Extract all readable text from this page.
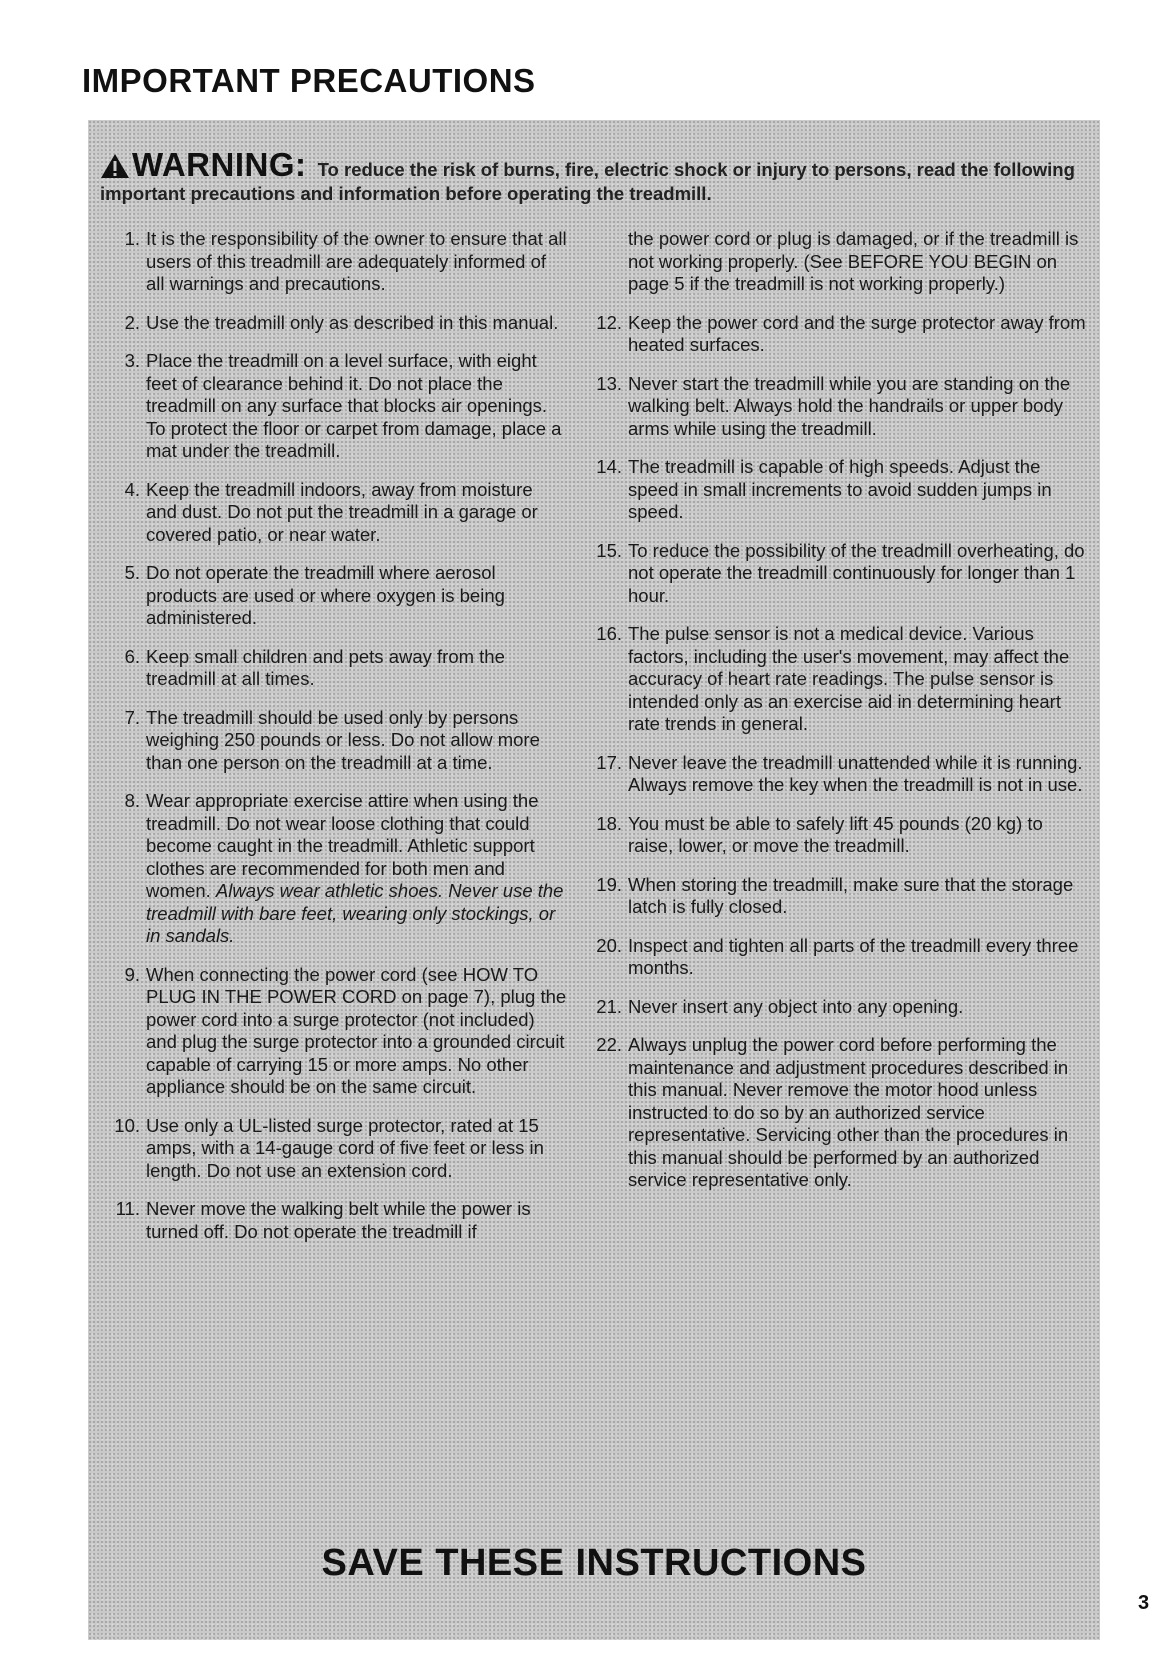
IMPORTANT PRECAUTIONS
WARNING: To reduce the risk of burns, fire, electric shock or injury to persons, read the following important precautions and information before operating the treadmill.
1. It is the responsibility of the owner to ensure that all users of this treadmill are adequately informed of all warnings and precautions.
2. Use the treadmill only as described in this manual.
3. Place the treadmill on a level surface, with eight feet of clearance behind it. Do not place the treadmill on any surface that blocks air openings. To protect the floor or carpet from damage, place a mat under the treadmill.
4. Keep the treadmill indoors, away from moisture and dust. Do not put the treadmill in a garage or covered patio, or near water.
5. Do not operate the treadmill where aerosol products are used or where oxygen is being administered.
6. Keep small children and pets away from the treadmill at all times.
7. The treadmill should be used only by persons weighing 250 pounds or less. Do not allow more than one person on the treadmill at a time.
8. Wear appropriate exercise attire when using the treadmill. Do not wear loose clothing that could become caught in the treadmill. Athletic support clothes are recommended for both men and women. Always wear athletic shoes. Never use the treadmill with bare feet, wearing only stockings, or in sandals.
9. When connecting the power cord (see HOW TO PLUG IN THE POWER CORD on page 7), plug the power cord into a surge protector (not included) and plug the surge protector into a grounded circuit capable of carrying 15 or more amps. No other appliance should be on the same circuit.
10. Use only a UL-listed surge protector, rated at 15 amps, with a 14-gauge cord of five feet or less in length. Do not use an extension cord.
11. Never move the walking belt while the power is turned off. Do not operate the treadmill if
the power cord or plug is damaged, or if the treadmill is not working properly. (See BEFORE YOU BEGIN on page 5 if the treadmill is not working properly.)
12. Keep the power cord and the surge protector away from heated surfaces.
13. Never start the treadmill while you are standing on the walking belt. Always hold the handrails or upper body arms while using the treadmill.
14. The treadmill is capable of high speeds. Adjust the speed in small increments to avoid sudden jumps in speed.
15. To reduce the possibility of the treadmill overheating, do not operate the treadmill continuously for longer than 1 hour.
16. The pulse sensor is not a medical device. Various factors, including the user's movement, may affect the accuracy of heart rate readings. The pulse sensor is intended only as an exercise aid in determining heart rate trends in general.
17. Never leave the treadmill unattended while it is running. Always remove the key when the treadmill is not in use.
18. You must be able to safely lift 45 pounds (20 kg) to raise, lower, or move the treadmill.
19. When storing the treadmill, make sure that the storage latch is fully closed.
20. Inspect and tighten all parts of the treadmill every three months.
21. Never insert any object into any opening.
22. Always unplug the power cord before performing the maintenance and adjustment procedures described in this manual. Never remove the motor hood unless instructed to do so by an authorized service representative. Servicing other than the procedures in this manual should be performed by an authorized service representative only.
SAVE THESE INSTRUCTIONS
3
